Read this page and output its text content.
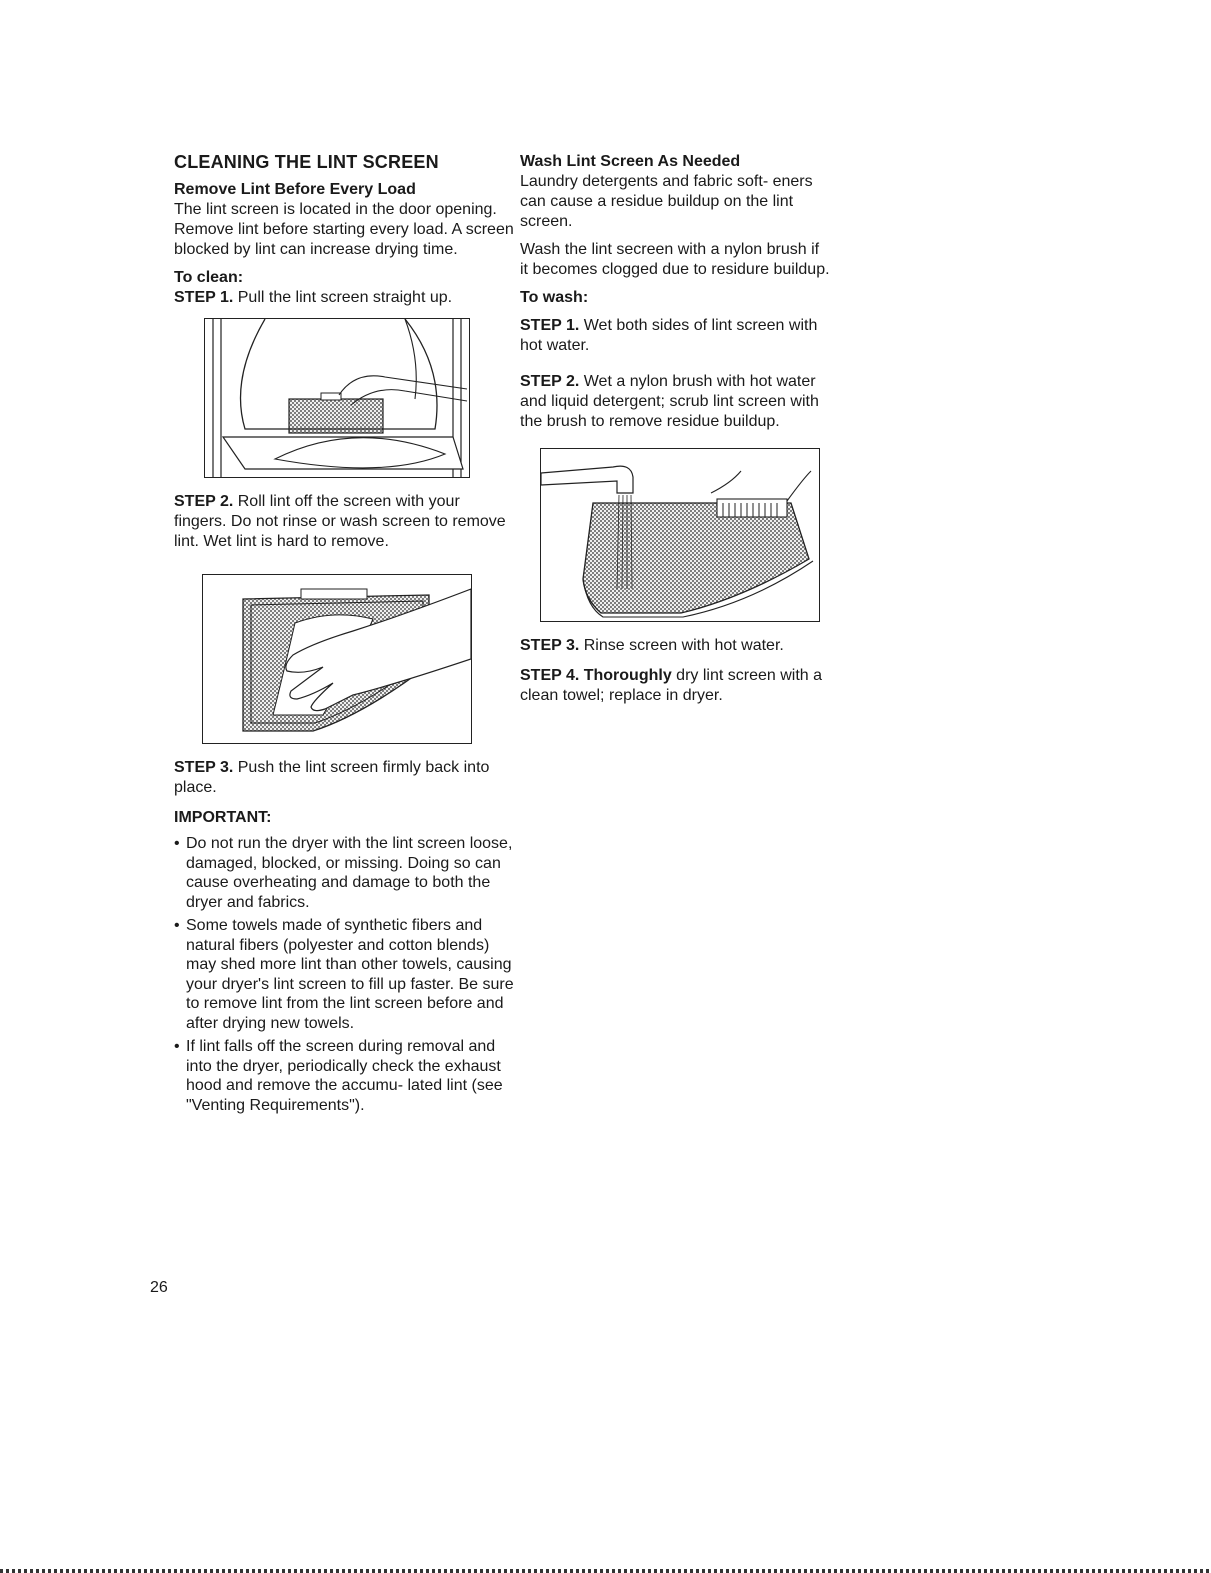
CLEANING THE LINT SCREEN
Remove Lint Before Every Load

The lint screen is located in the door opening. Remove lint before starting every load. A screen blocked by lint can increase drying time.

To clean:

STEP 1. Pull the lint screen straight up.

STEP 2. Roll lint off the screen with your fingers. Do not rinse or wash screen to remove lint. Wet lint is hard to remove.

STEP 3. Push the lint screen firmly back into place.

IMPORTANT:
• Do not run the dryer with the lint screen loose, damaged, blocked, or missing. Doing so can cause overheating and damage to both the dryer and fabrics.
• Some towels made of synthetic fibers and natural fibers (polyester and cotton blends) may shed more lint than other towels, causing your dryer's lint screen to fill up faster. Be sure to remove lint from the lint screen before and after drying new towels.
• If lint falls off the screen during removal and into the dryer, periodically check the exhaust hood and remove the accumu- lated lint (see "Venting Requirements").
Wash Lint Screen As Needed

Laundry detergents and fabric soft- eners can cause a residue buildup on the lint screen.

Wash the lint secreen with a nylon brush if it becomes clogged due to residure buildup.

To wash:

STEP 1. Wet both sides of lint screen with hot water.

STEP 2. Wet a nylon brush with hot water and liquid detergent; scrub lint screen with the brush to remove residue buildup.

STEP 3. Rinse screen with hot water.

STEP 4. Thoroughly dry lint screen with a clean towel; replace in dryer.

26
